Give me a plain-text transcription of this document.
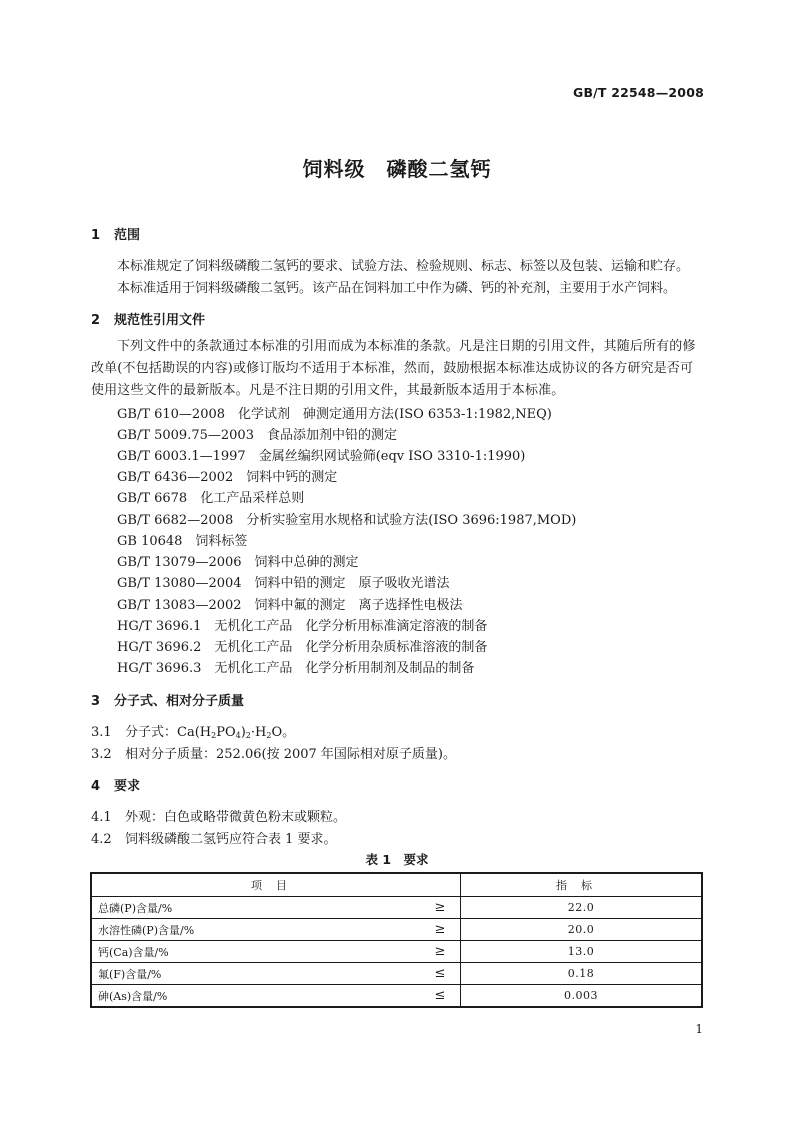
GB/T 22548—2008
饲料级　磷酸二氢钙
1 范围
本标准规定了饲料级磷酸二氢钙的要求、试验方法、检验规则、标志、标签以及包装、运输和贮存。
本标准适用于饲料级磷酸二氢钙。该产品在饲料加工中作为磷、钙的补充剂，主要用于水产饲料。
2 规范性引用文件
下列文件中的条款通过本标准的引用而成为本标准的条款。凡是注日期的引用文件，其随后所有的修改单(不包括勘误的内容)或修订版均不适用于本标准，然而，鼓励根据本标准达成协议的各方研究是否可使用这些文件的最新版本。凡是不注日期的引用文件，其最新版本适用于本标准。
GB/T 610—2008　化学试剂　砷测定通用方法(ISO 6353-1:1982,NEQ)
GB/T 5009.75—2003　食品添加剂中铅的测定
GB/T 6003.1—1997　金属丝编织网试验筛(eqv ISO 3310-1:1990)
GB/T 6436—2002　饲料中钙的测定
GB/T 6678　化工产品采样总则
GB/T 6682—2008　分析实验室用水规格和试验方法(ISO 3696:1987,MOD)
GB 10648　饲料标签
GB/T 13079—2006　饲料中总砷的测定
GB/T 13080—2004　饲料中铅的测定　原子吸收光谱法
GB/T 13083—2002　饲料中氟的测定　离子选择性电极法
HG/T 3696.1　无机化工产品　化学分析用标准滴定溶液的制备
HG/T 3696.2　无机化工产品　化学分析用杂质标准溶液的制备
HG/T 3696.3　无机化工产品　化学分析用制剂及制品的制备
3 分子式、相对分子质量
3.1 分子式：$Ca(H_2PO_4)_2\cdot H_2O$。
3.2 相对分子质量：252.06(按 2007 年国际相对原子质量)。
4 要求
4.1 外观：白色或略带微黄色粉末或颗粒。
4.2 饲料级磷酸二氢钙应符合表 1 要求。
表 1　要求
项目		指标
总磷(P)含量/%	≥	22.0
水溶性磷(P)含量/%	≥	20.0
钙(Ca)含量/%	≥	13.0
氟(F)含量/%	≤	0.18
砷(As)含量/%	≤	0.003
1
